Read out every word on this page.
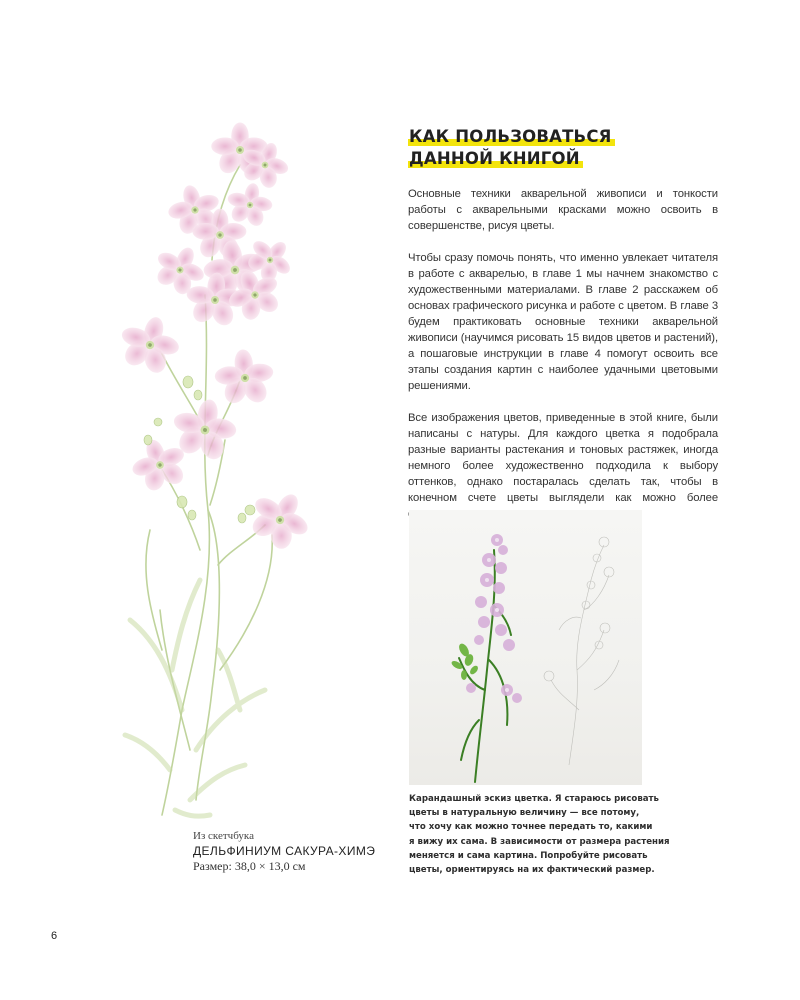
КАК ПОЛЬЗОВАТЬСЯ
ДАННОЙ КНИГОЙ

Основные техники акварельной живописи и тонкости работы с акварельными красками можно освоить в совершенстве, рисуя цветы.

Чтобы сразу помочь понять, что именно увлекает читателя в работе с акварелью, в главе 1 мы начнем знакомство с художественными материалами. В главе 2 расскажем об основах графического рисунка и работе с цветом. В главе 3 будем практиковать основные техники акварельной живописи (научимся рисовать 15 видов цветов и растений), а пошаговые инструкции в главе 4 помогут освоить все этапы создания картин с наиболее удачными цветовыми решениями.

Все изображения цветов, приведенные в этой книге, были написаны с натуры. Для каждого цветка я подобрала разные варианты растекания и тоновых растяжек, иногда немного более художественно подходила к выбору оттенков, однако постаралась сделать так, чтобы в конечном счете цветы выглядели как можно более

Карандашный эскиз цветка. Я стараюсь рисовать
цветы в натуральную величину — все потому,
что хочу как можно точнее передать то, какими
я вижу их сама. В зависимости от размера растения
меняется и сама картина. Попробуйте рисовать
цветы, ориентируясь на их фактический размер.
Из скетчбука
ДЕЛЬФИНИУМ САКУРА-ХИМЭ
Размер: 38,0 × 13,0 см
6
